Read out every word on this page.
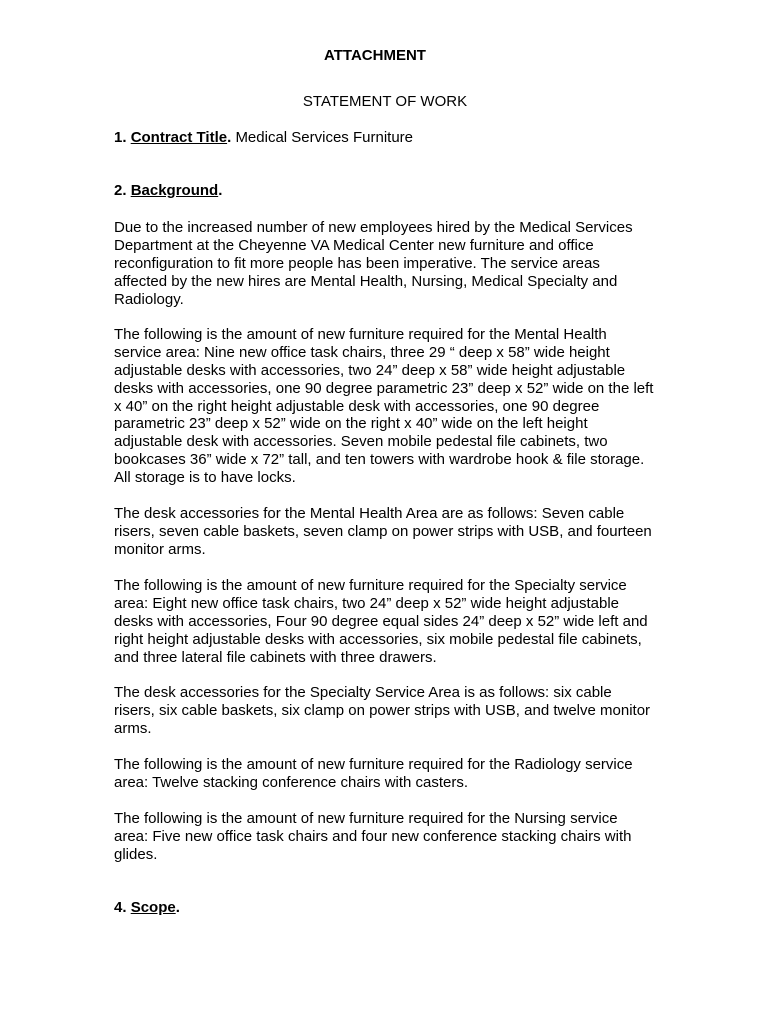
ATTACHMENT
STATEMENT OF WORK
1. Contract Title. Medical Services Furniture
2. Background.
Due to the increased number of new employees hired by the Medical Services
Department at the Cheyenne VA Medical Center new furniture and office
reconfiguration to fit more people has been imperative. The service areas
affected by the new hires are Mental Health, Nursing, Medical Specialty and
Radiology.
The following is the amount of new furniture required for the Mental Health
service area: Nine new office task chairs, three 29 “ deep x 58” wide height
adjustable desks with accessories, two 24” deep x 58” wide height adjustable
desks with accessories, one 90 degree parametric 23” deep x 52” wide on the left
x 40” on the right height adjustable desk with accessories, one 90 degree
parametric 23” deep x 52” wide on the right x 40” wide on the left height
adjustable desk with accessories. Seven mobile pedestal file cabinets, two
bookcases 36” wide x 72” tall, and ten towers with wardrobe hook & file storage.
All storage is to have locks.
The desk accessories for the Mental Health Area are as follows: Seven cable
risers, seven cable baskets, seven clamp on power strips with USB, and fourteen
monitor arms.
The following is the amount of new furniture required for the Specialty service
area: Eight new office task chairs, two 24” deep x 52” wide height adjustable
desks with accessories, Four 90 degree equal sides 24” deep x 52” wide left and
right height adjustable desks with accessories, six mobile pedestal file cabinets,
and three lateral file cabinets with three drawers.
The desk accessories for the Specialty Service Area is as follows: six cable
risers, six cable baskets, six clamp on power strips with USB, and twelve monitor
arms.
The following is the amount of new furniture required for the Radiology service
area: Twelve stacking conference chairs with casters.
The following is the amount of new furniture required for the Nursing service
area: Five new office task chairs and four new conference stacking chairs with
glides.
4. Scope.
